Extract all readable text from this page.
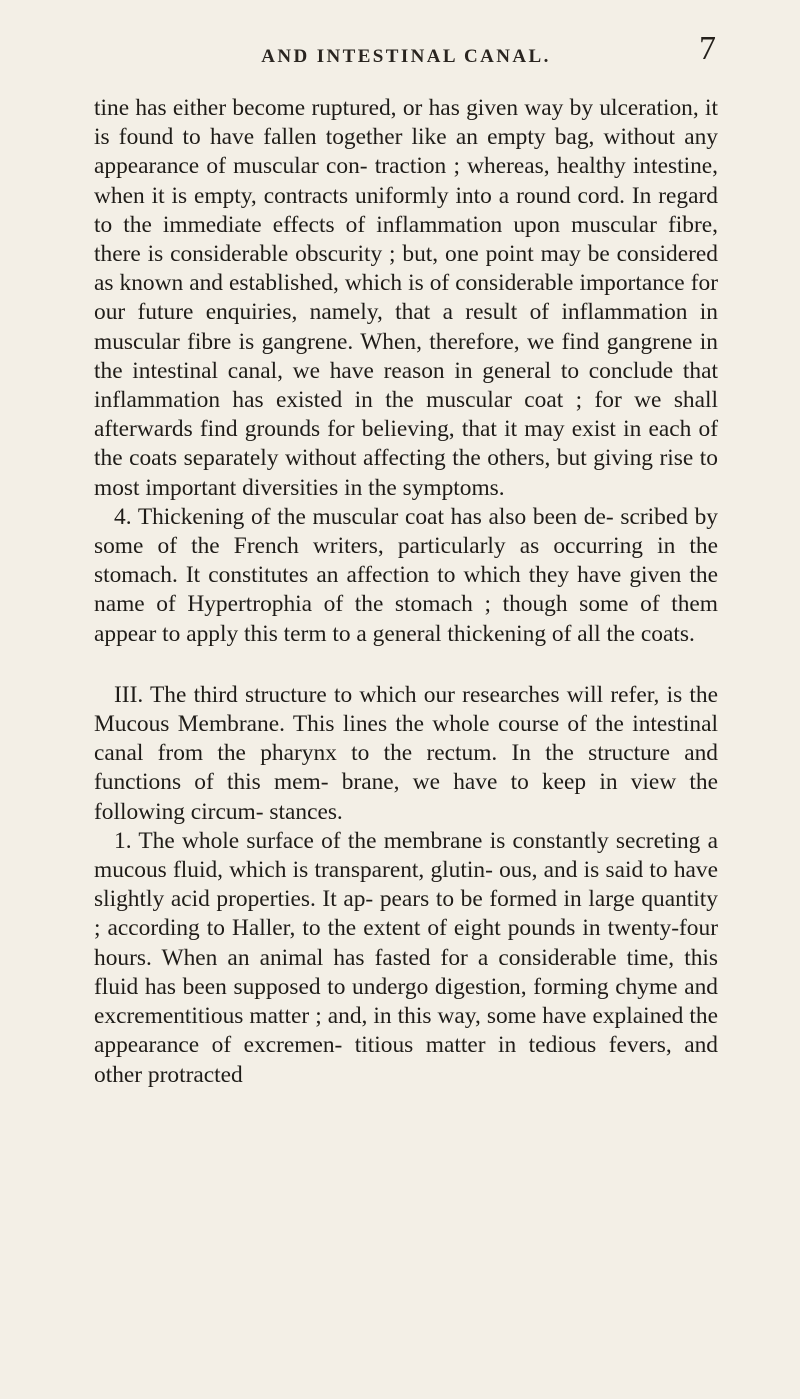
AND INTESTINAL CANAL.	7

tine has either become ruptured, or has given way by ulceration, it is found to have fallen together like an empty bag, without any appearance of muscular con- traction ; whereas, healthy intestine, when it is empty, contracts uniformly into a round cord. In regard to the immediate effects of inflammation upon muscular fibre, there is considerable obscurity ; but, one point may be considered as known and established, which is of considerable importance for our future enquiries, namely, that a result of inflammation in muscular fibre is gangrene. When, therefore, we find gangrene in the intestinal canal, we have reason in general to conclude that inflammation has existed in the muscular coat ; for we shall afterwards find grounds for believing, that it may exist in each of the coats separately without affecting the others, but giving rise to most important diversities in the symptoms.

4. Thickening of the muscular coat has also been de- scribed by some of the French writers, particularly as occurring in the stomach. It constitutes an affection to which they have given the name of Hypertrophia of the stomach ; though some of them appear to apply this term to a general thickening of all the coats.

III. The third structure to which our researches will refer, is the Mucous Membrane. This lines the whole course of the intestinal canal from the pharynx to the rectum. In the structure and functions of this mem- brane, we have to keep in view the following circum- stances.

1. The whole surface of the membrane is constantly secreting a mucous fluid, which is transparent, glutin- ous, and is said to have slightly acid properties. It ap- pears to be formed in large quantity ; according to Haller, to the extent of eight pounds in twenty-four hours. When an animal has fasted for a considerable time, this fluid has been supposed to undergo digestion, forming chyme and excrementitious matter ; and, in this way, some have explained the appearance of excremen- titious matter in tedious fevers, and other protracted
